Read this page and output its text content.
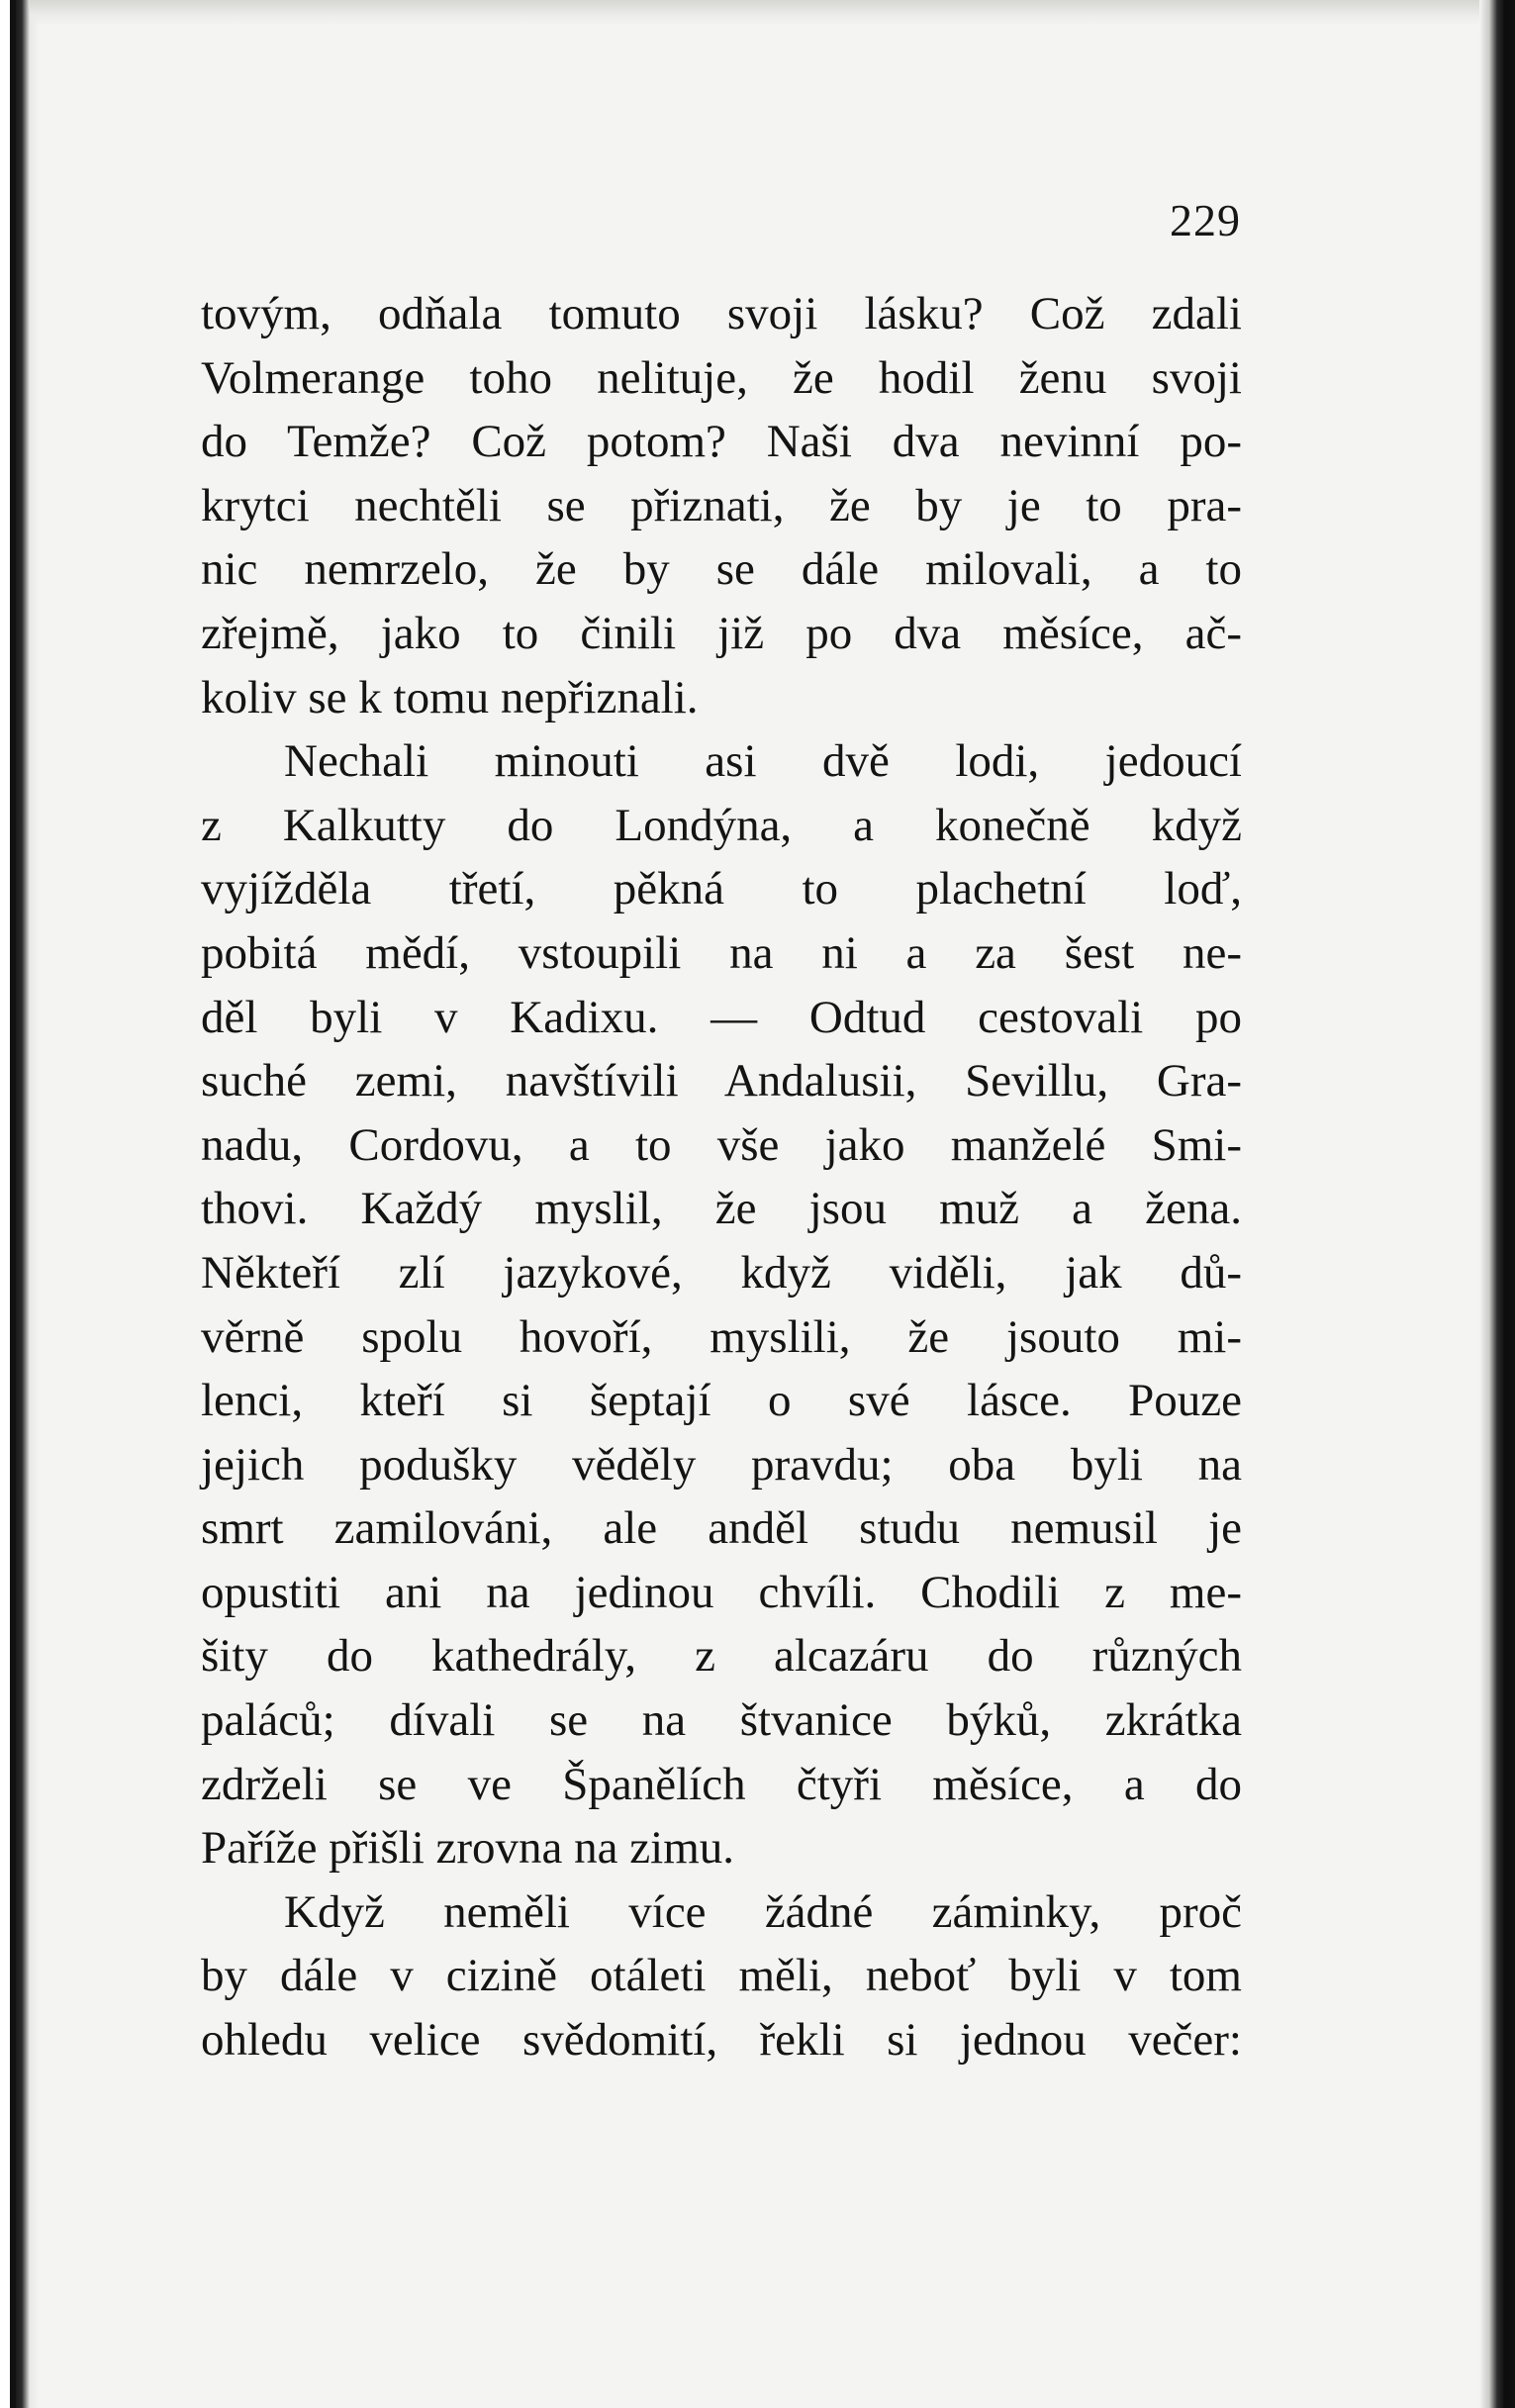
229
tovým, odňala tomuto svoji lásku? Což zdali
Volmerange toho nelituje, že hodil ženu svoji
do Temže? Což potom? Naši dva nevinní po-
krytci nechtěli se přiznati, že by je to pra-
nic nemrzelo, že by se dále milovali, a to
zřejmě, jako to činili již po dva měsíce, ač-
koliv se k tomu nepřiznali.
Nechali minouti asi dvě lodi, jedoucí
z Kalkutty do Londýna, a konečně když
vyjížděla třetí, pěkná to plachetní loď,
pobitá mědí, vstoupili na ni a za šest ne-
děl byli v Kadixu. — Odtud cestovali po
suché zemi, navštívili Andalusii, Sevillu, Gra-
nadu, Cordovu, a to vše jako manželé Smi-
thovi. Každý myslil, že jsou muž a žena.
Někteří zlí jazykové, když viděli, jak dů-
věrně spolu hovoří, myslili, že jsouto mi-
lenci, kteří si šeptají o své lásce. Pouze
jejich podušky věděly pravdu; oba byli na
smrt zamilováni, ale anděl studu nemusil je
opustiti ani na jedinou chvíli. Chodili z me-
šity do kathedrály, z alcazáru do různých
paláců; dívali se na štvanice býků, zkrátka
zdrželi se ve Španělích čtyři měsíce, a do
Paříže přišli zrovna na zimu.
Když neměli více žádné záminky, proč
by dále v cizině otáleti měli, neboť byli v tom
ohledu velice svědomití, řekli si jednou večer:
